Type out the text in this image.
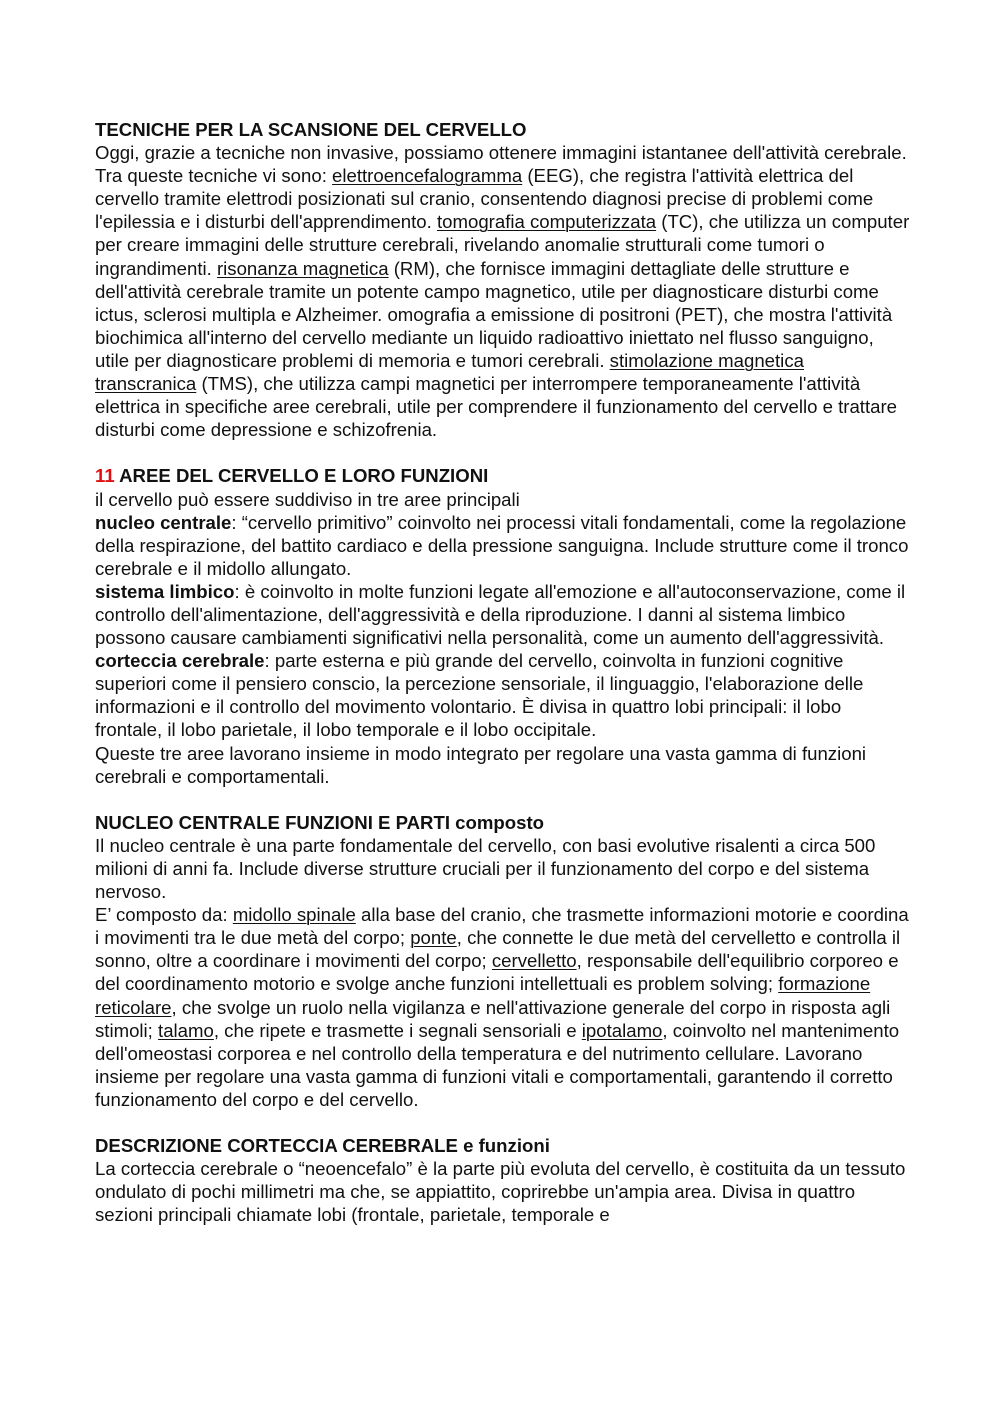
TECNICHE PER LA SCANSIONE DEL CERVELLO

Oggi, grazie a tecniche non invasive, possiamo ottenere immagini istantanee dell'attività cerebrale. Tra queste tecniche vi sono: elettroencefalogramma (EEG), che registra l'attività elettrica del cervello tramite elettrodi posizionati sul cranio, consentendo diagnosi precise di problemi come l'epilessia e i disturbi dell'apprendimento. tomografia computerizzata (TC), che utilizza un computer per creare immagini delle strutture cerebrali, rivelando anomalie strutturali come tumori o ingrandimenti. risonanza magnetica (RM), che fornisce immagini dettagliate delle strutture e dell'attività cerebrale tramite un potente campo magnetico, utile per diagnosticare disturbi come ictus, sclerosi multipla e Alzheimer. omografia a emissione di positroni (PET), che mostra l'attività biochimica all'interno del cervello mediante un liquido radioattivo iniettato nel flusso sanguigno, utile per diagnosticare problemi di memoria e tumori cerebrali. stimolazione magnetica transcranica (TMS), che utilizza campi magnetici per interrompere temporaneamente l'attività elettrica in specifiche aree cerebrali, utile per comprendere il funzionamento del cervello e trattare disturbi come depressione e schizofrenia.

11 AREE DEL CERVELLO E LORO FUNZIONI

il cervello può essere suddiviso in tre aree principali

nucleo centrale: “cervello primitivo” coinvolto nei processi vitali fondamentali, come la regolazione della respirazione, del battito cardiaco e della pressione sanguigna. Include strutture come il tronco cerebrale e il midollo allungato.

sistema limbico: è coinvolto in molte funzioni legate all'emozione e all'autoconservazione, come il controllo dell'alimentazione, dell'aggressività e della riproduzione. I danni al sistema limbico possono causare cambiamenti significativi nella personalità, come un aumento dell'aggressività. corteccia cerebrale: parte esterna e più grande del cervello, coinvolta in funzioni cognitive superiori come il pensiero conscio, la percezione sensoriale, il linguaggio, l'elaborazione delle informazioni e il controllo del movimento volontario. È divisa in quattro lobi principali: il lobo frontale, il lobo parietale, il lobo temporale e il lobo occipitale.

Queste tre aree lavorano insieme in modo integrato per regolare una vasta gamma di funzioni cerebrali e comportamentali.

NUCLEO CENTRALE FUNZIONI E PARTI composto

Il nucleo centrale è una parte fondamentale del cervello, con basi evolutive risalenti a circa 500 milioni di anni fa. Include diverse strutture cruciali per il funzionamento del corpo e del sistema nervoso.

E’ composto da: midollo spinale alla base del cranio, che trasmette informazioni motorie e coordina i movimenti tra le due metà del corpo; ponte, che connette le due metà del cervelletto e controlla il sonno, oltre a coordinare i movimenti del corpo; cervelletto, responsabile dell'equilibrio corporeo e del coordinamento motorio e svolge anche funzioni intellettuali es problem solving; formazione reticolare, che svolge un ruolo nella vigilanza e nell'attivazione generale del corpo in risposta agli stimoli; talamo, che ripete e trasmette i segnali sensoriali e ipotalamo, coinvolto nel mantenimento dell'omeostasi corporea e nel controllo della temperatura e del nutrimento cellulare. Lavorano insieme per regolare una vasta gamma di funzioni vitali e comportamentali, garantendo il corretto funzionamento del corpo e del cervello.

DESCRIZIONE CORTECCIA CEREBRALE e funzioni

La corteccia cerebrale o “neoencefalo” è la parte più evoluta del cervello, è costituita da un tessuto ondulato di pochi millimetri ma che, se appiattito, coprirebbe un'ampia area. Divisa in quattro sezioni principali chiamate lobi (frontale, parietale, temporale e
